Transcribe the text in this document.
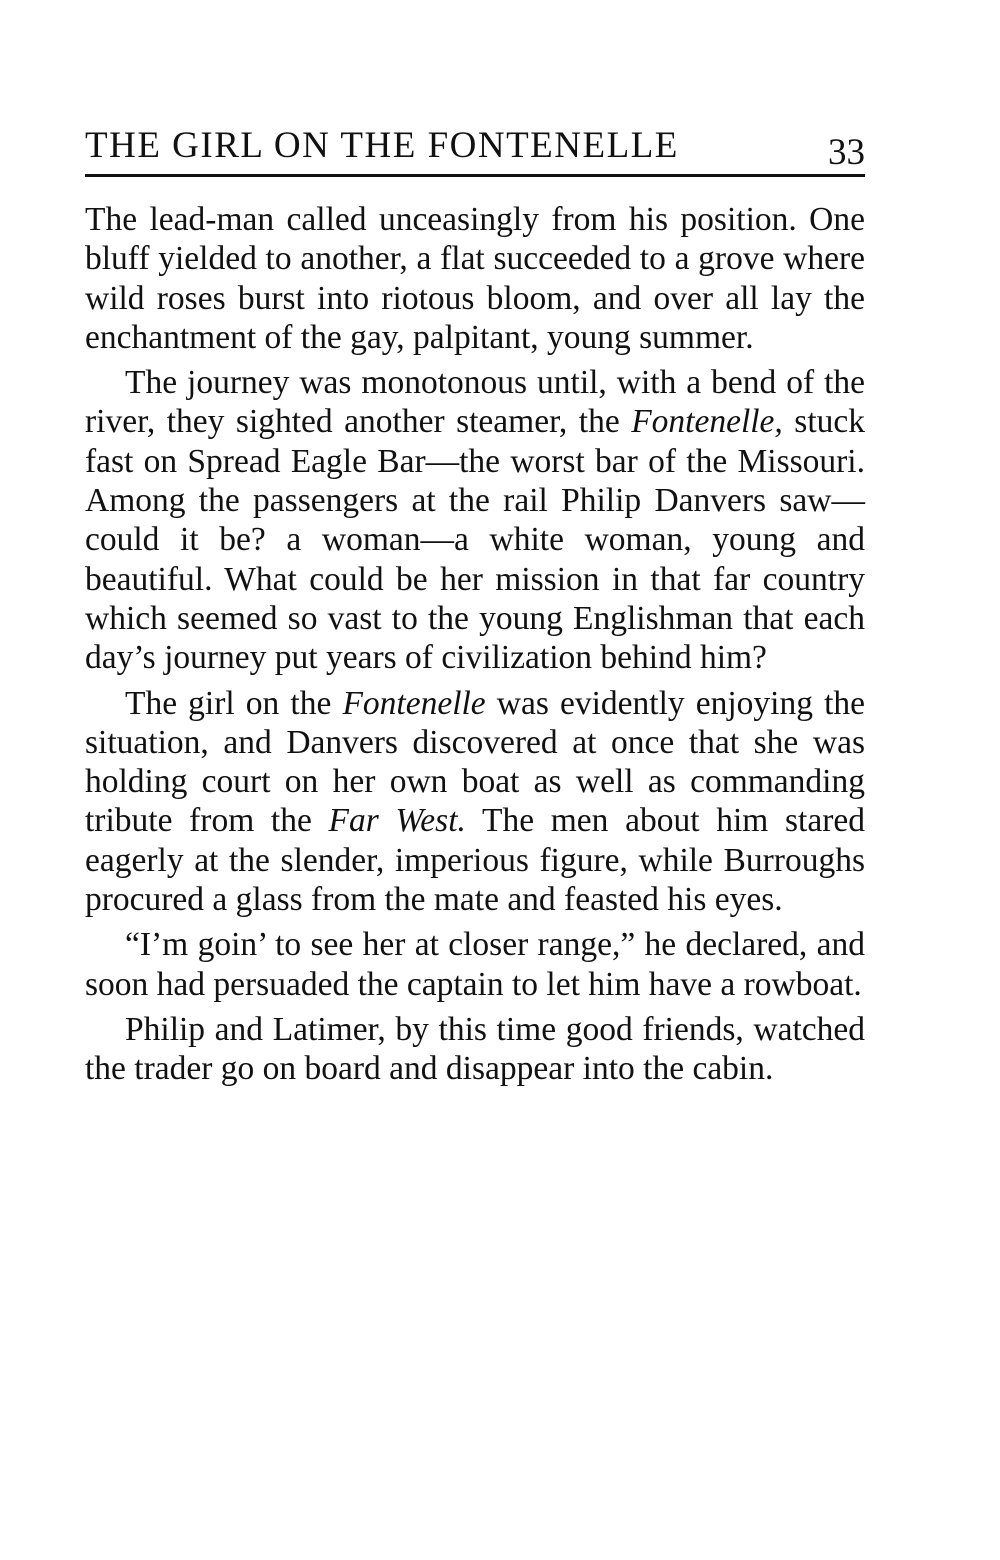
THE GIRL ON THE FONTENELLE	33

The lead-man called unceasingly from his position. One bluff yielded to another, a flat succeeded to a grove where wild roses burst into riotous bloom, and over all lay the enchantment of the gay, palpitant, young summer.

The journey was monotonous until, with a bend of the river, they sighted another steamer, the Fontenelle, stuck fast on Spread Eagle Bar—the worst bar of the Missouri. Among the passengers at the rail Philip Danvers saw—could it be? a woman—a white woman, young and beautiful. What could be her mission in that far country which seemed so vast to the young Englishman that each day’s journey put years of civilization behind him?

The girl on the Fontenelle was evidently enjoying the situation, and Danvers discovered at once that she was holding court on her own boat as well as commanding tribute from the Far West. The men about him stared eagerly at the slender, imperious figure, while Burroughs procured a glass from the mate and feasted his eyes.

“I’m goin’ to see her at closer range,” he declared, and soon had persuaded the captain to let him have a rowboat.

Philip and Latimer, by this time good friends, watched the trader go on board and disappear into the cabin.
